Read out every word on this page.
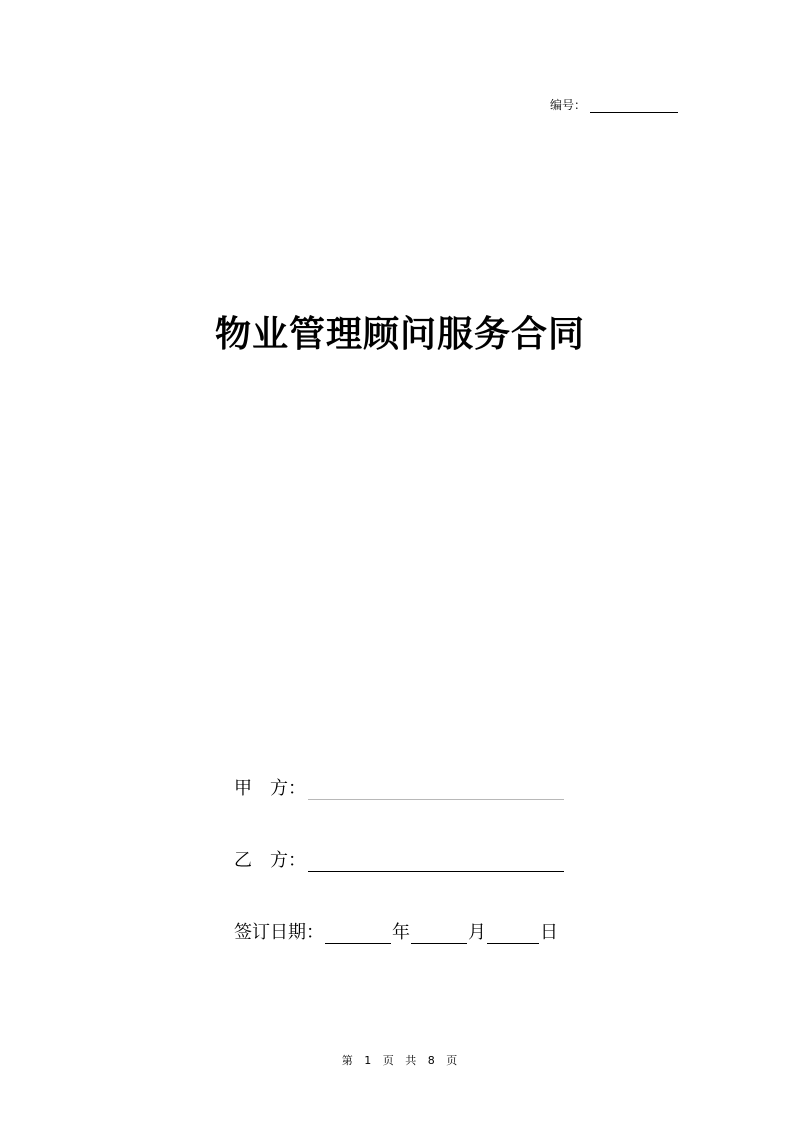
编号：
物业管理顾问服务合同
甲	方：
乙	方：
签订日期：	年	月	日
第 1 页 共 8 页
